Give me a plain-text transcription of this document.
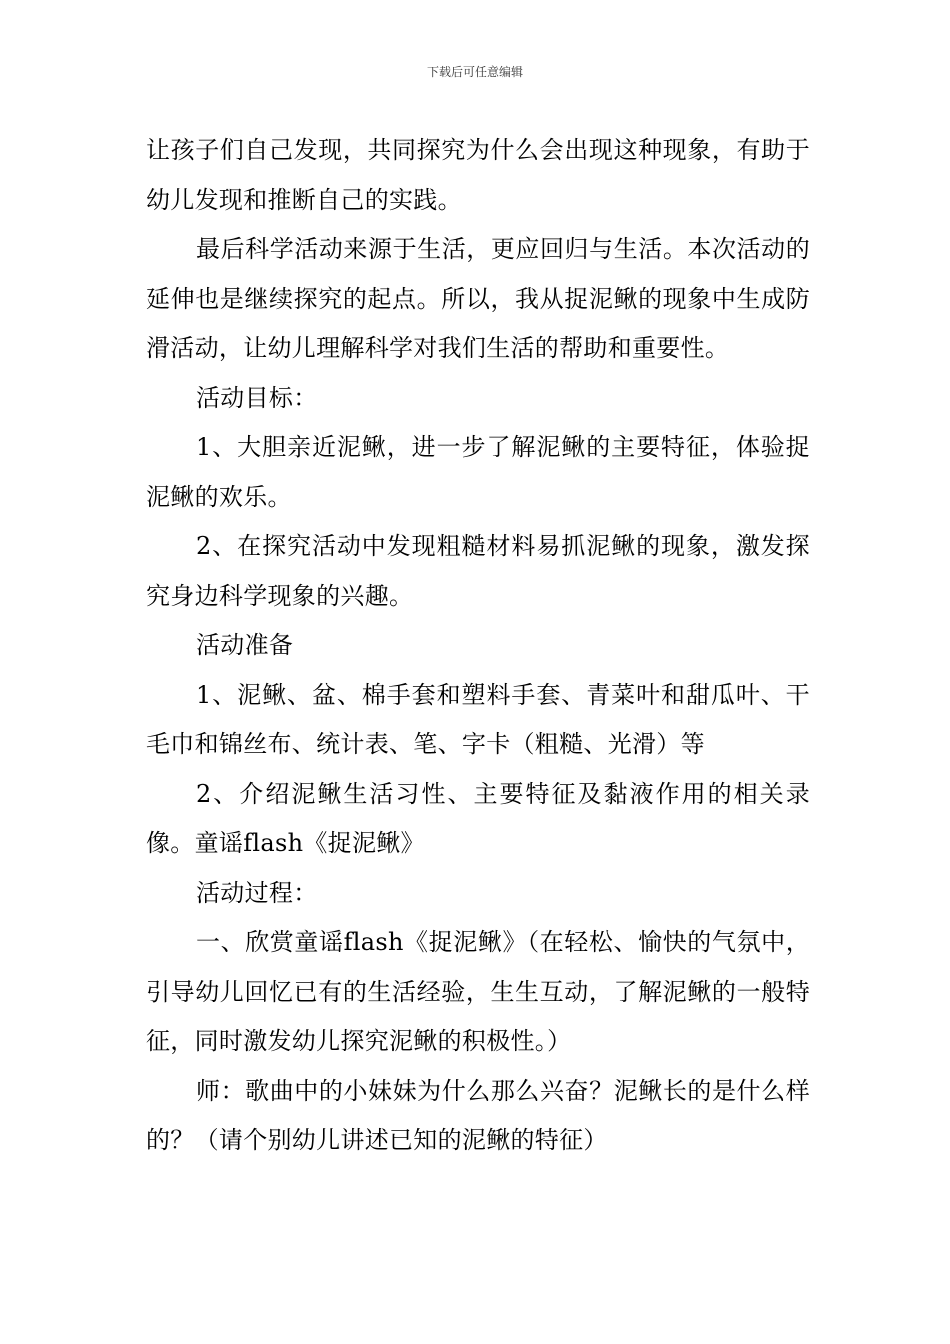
下载后可任意编辑

让孩子们自己发现，共同探究为什么会出现这种现象，有助于幼儿发现和推断自己的实践。

最后科学活动来源于生活，更应回归与生活。本次活动的延伸也是继续探究的起点。所以，我从捉泥鳅的现象中生成防滑活动，让幼儿理解科学对我们生活的帮助和重要性。

活动目标：

1、大胆亲近泥鳅，进一步了解泥鳅的主要特征，体验捉泥鳅的欢乐。

2、在探究活动中发现粗糙材料易抓泥鳅的现象，激发探究身边科学现象的兴趣。

活动准备

1、泥鳅、盆、棉手套和塑料手套、青菜叶和甜瓜叶、干毛巾和锦丝布、统计表、笔、字卡（粗糙、光滑）等

2、介绍泥鳅生活习性、主要特征及黏液作用的相关录像。童谣flash《捉泥鳅》

活动过程：

一、欣赏童谣flash《捉泥鳅》（在轻松、愉快的气氛中，引导幼儿回忆已有的生活经验，生生互动，了解泥鳅的一般特征，同时激发幼儿探究泥鳅的积极性。）

师：歌曲中的小妹妹为什么那么兴奋？泥鳅长的是什么样的？（请个别幼儿讲述已知的泥鳅的特征）
